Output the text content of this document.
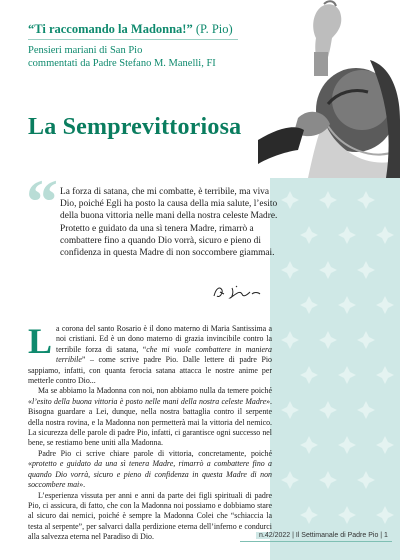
“Ti raccomando la Madonna!” (P. Pio)
Pensieri mariani di San Pio
commentati da Padre Stefano M. Manelli, FI
La Semprevittoriosa
“ La forza di satana, che mi combatte, è terribile, ma viva Dio, poiché Egli ha posto la causa della mia salute, l’esito della buona vittoria nelle mani della nostra celeste Madre. Protetto e guidato da una sì tenera Madre, rimarrò a combattere fino a quando Dio vorrà, sicuro e pieno di confidenza in questa Madre di non soccombere giammai.

La corona del santo Rosario è il dono materno di Maria Santissima a noi cristiani. Ed è un dono materno di grazia invincibile contro la terribile forza di satana, “che mi vuole combattere in maniera terribile” – come scrive padre Pio. Dalle lettere di padre Pio sappiamo, infatti, con quanta ferocia satana attacca le nostre anime per metterle contro Dio...

Ma se abbiamo la Madonna con noi, non abbiamo nulla da temere poiché «l’esito della buona vittoria è posto nelle mani della nostra celeste Madre». Bisogna guardare a Lei, dunque, nella nostra battaglia contro il serpente della nostra rovina, e la Madonna non permetterà mai la vittoria del nemico. La sicurezza delle parole di padre Pio, infatti, ci garantisce ogni successo nel bene, se restiamo bene uniti alla Madonna.

Padre Pio ci scrive chiare parole di vittoria, concretamente, poiché «protetto e guidato da una sì tenera Madre, rimarrò a combattere fino a quando Dio vorrà, sicuro e pieno di confidenza in questa Madre di non soccombere mai».

L’esperienza vissuta per anni e anni da parte dei figli spirituali di padre Pio, ci assicura, di fatto, che con la Madonna noi possiamo e dobbiamo stare al sicuro dai nemici, poiché è sempre la Madonna Colei che “schiaccia la testa al serpente”, per salvarci dalla perdizione eterna dell’inferno e condurci alla salvezza eterna nel Paradiso di Dio.	n.42/2022 | Il Settimanale di Padre Pio | 1
